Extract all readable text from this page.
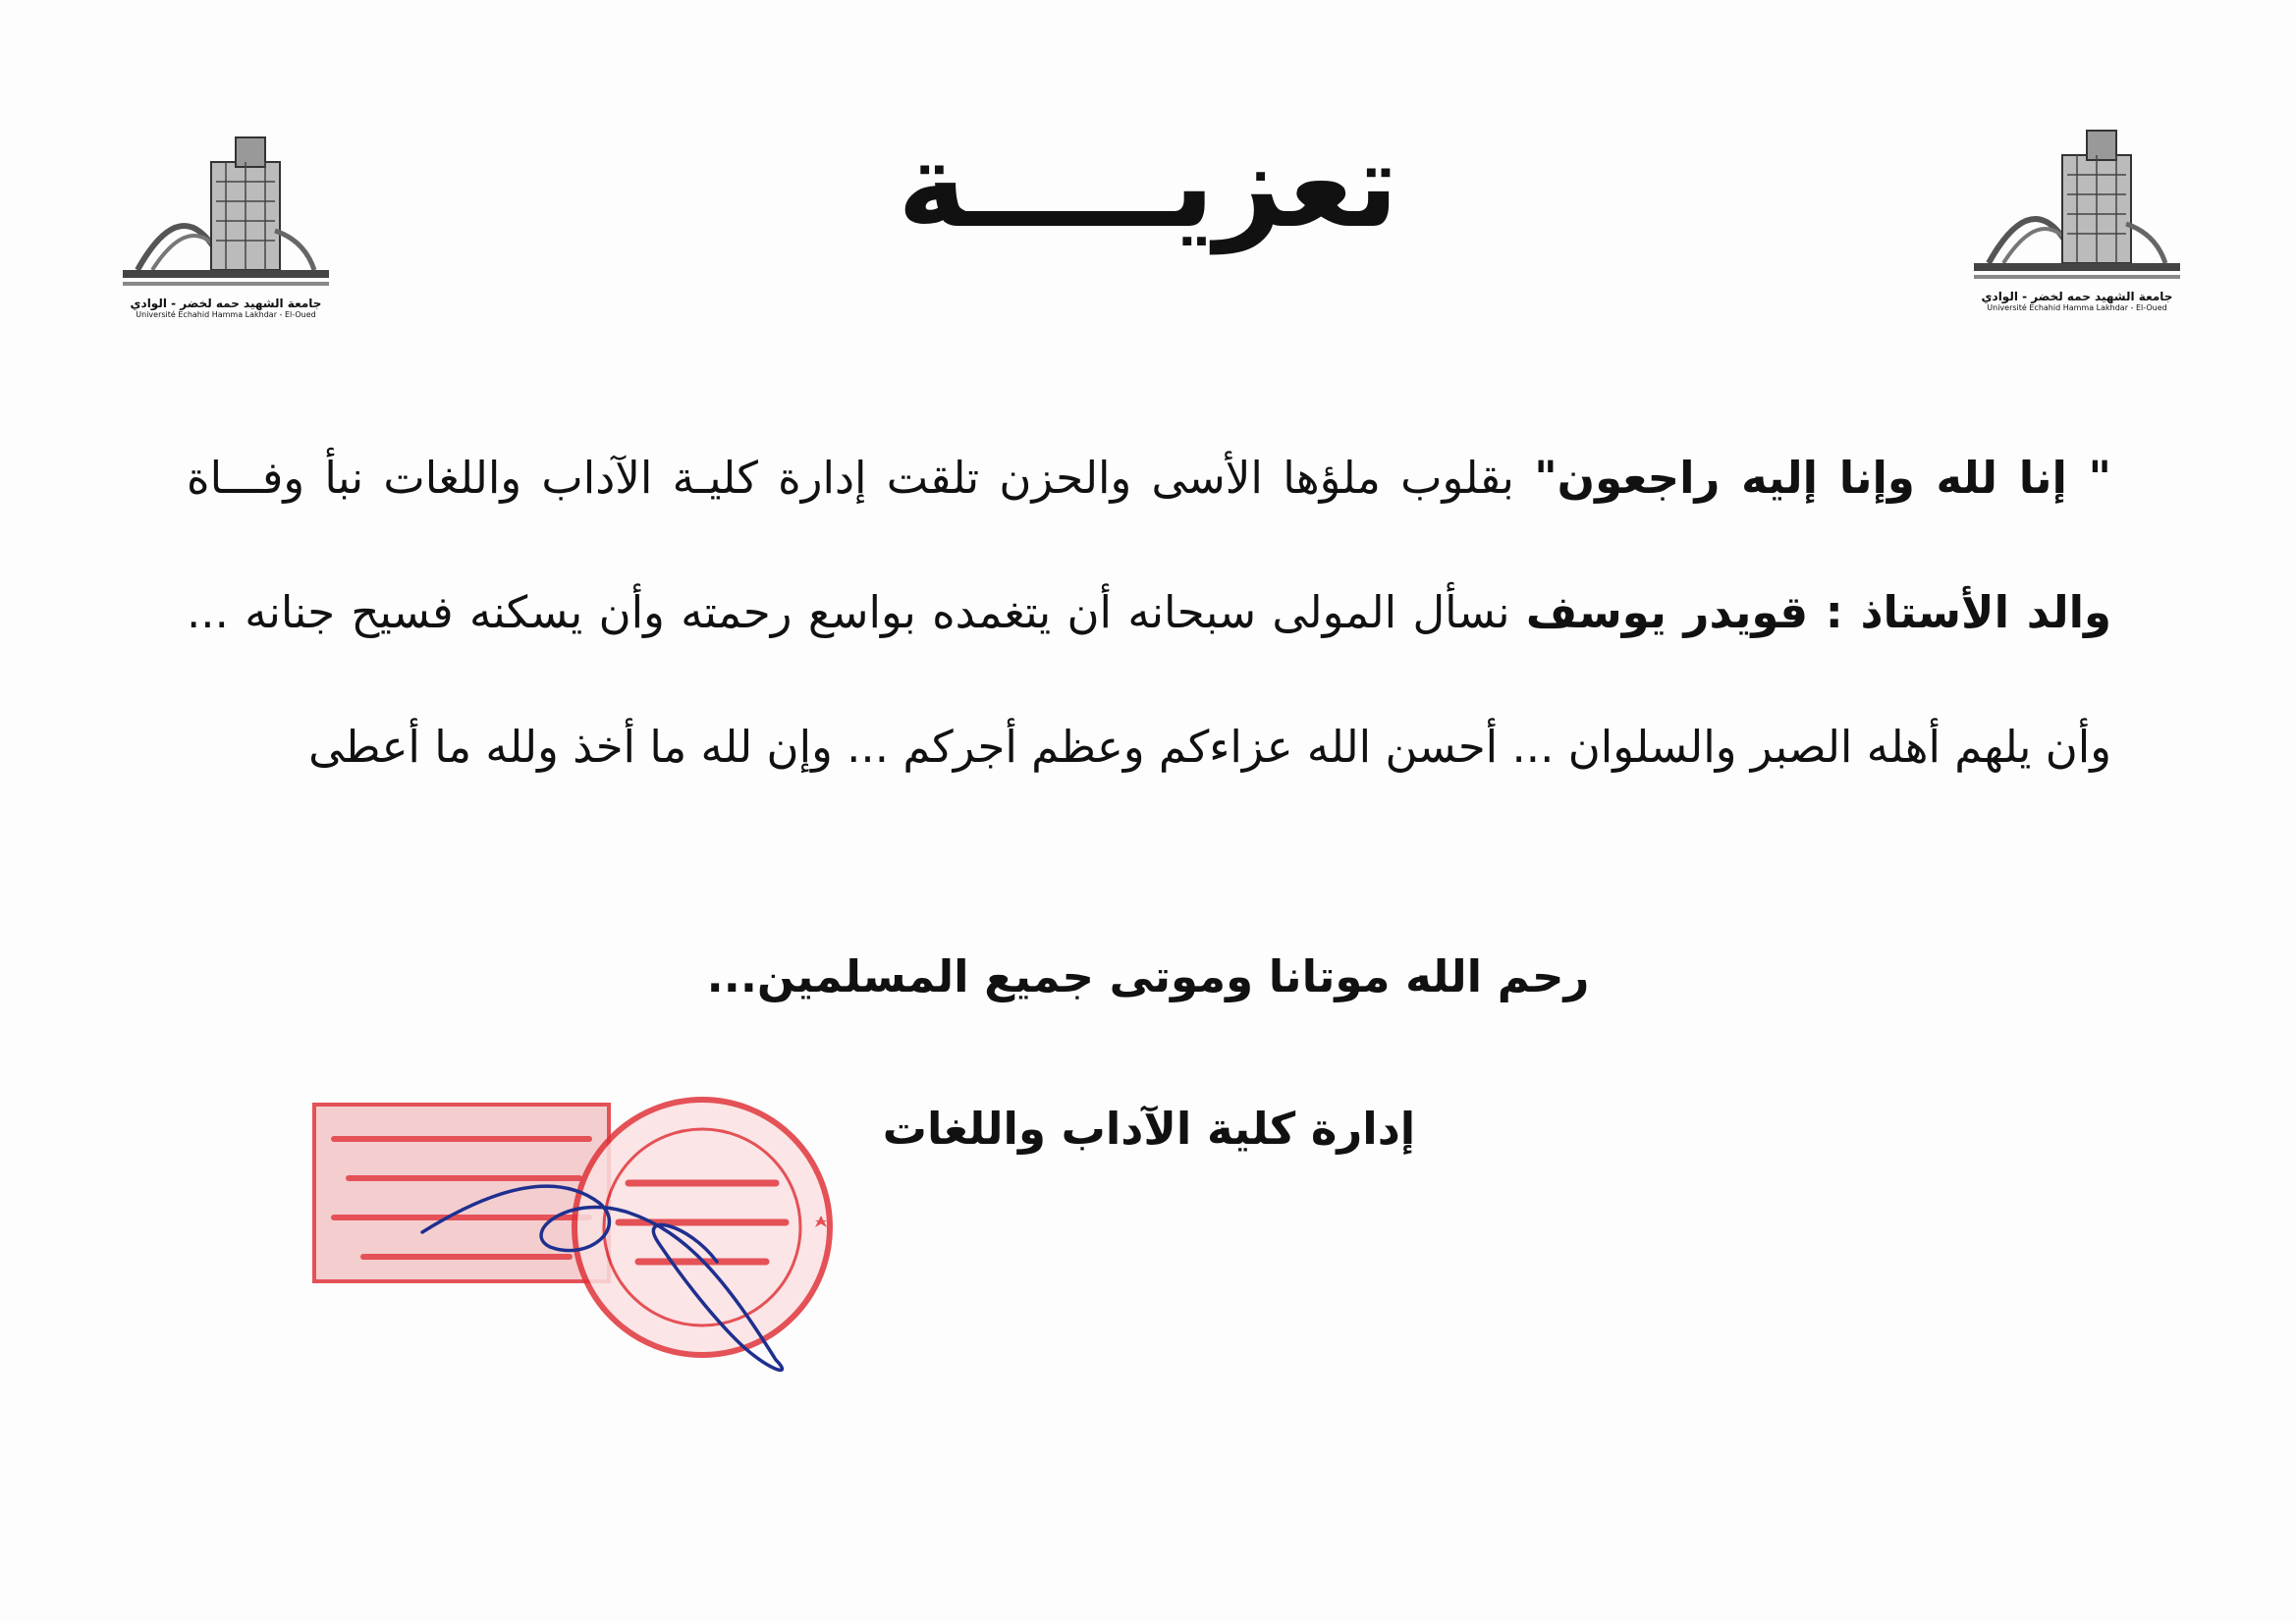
جامعة الشهيد حمه لخضر - الوادي
Université Echahid Hamma Lakhdar - El-Oued
جامعة الشهيد حمه لخضر - الوادي
Université Echahid Hamma Lakhdar - El-Oued
تعزيـــــة
" إنا لله وإنا إليه راجعون" بقلوب ملؤها الأسى والحزن تلقت إدارة كليـة الآداب واللغات نبأ وفـــاة والد الأستاذ : قويدر يوسف نسأل المولى سبحانه أن يتغمده بواسع رحمته وأن يسكنه فسيح جنانه ... وأن يلهم أهله الصبر والسلوان ... أحسن الله عزاءكم وعظم أجركم ... وإن لله ما أخذ ولله ما أعطى
رحم الله موتانا وموتى جميع المسلمين...
إدارة كلية الآداب واللغات
